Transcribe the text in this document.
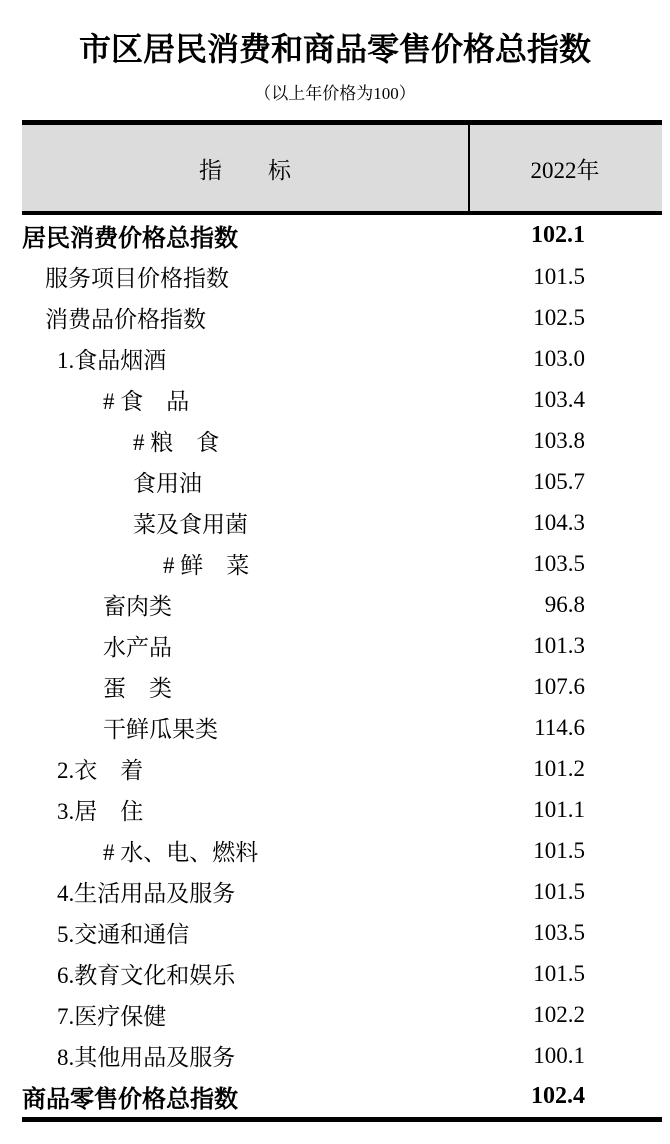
市区居民消费和商品零售价格总指数
（以上年价格为100）
指　　标	2022年
居民消费价格总指数	102.1
服务项目价格指数	101.5
消费品价格指数	102.5
1.食品烟酒	103.0
# 食　品	103.4
# 粮　食	103.8
食用油	105.7
菜及食用菌	104.3
# 鲜　菜	103.5
畜肉类	96.8
水产品	101.3
蛋　类	107.6
干鲜瓜果类	114.6
2.衣　着	101.2
3.居　住	101.1
# 水、电、燃料	101.5
4.生活用品及服务	101.5
5.交通和通信	103.5
6.教育文化和娱乐	101.5
7.医疗保健	102.2
8.其他用品及服务	100.1
商品零售价格总指数	102.4
